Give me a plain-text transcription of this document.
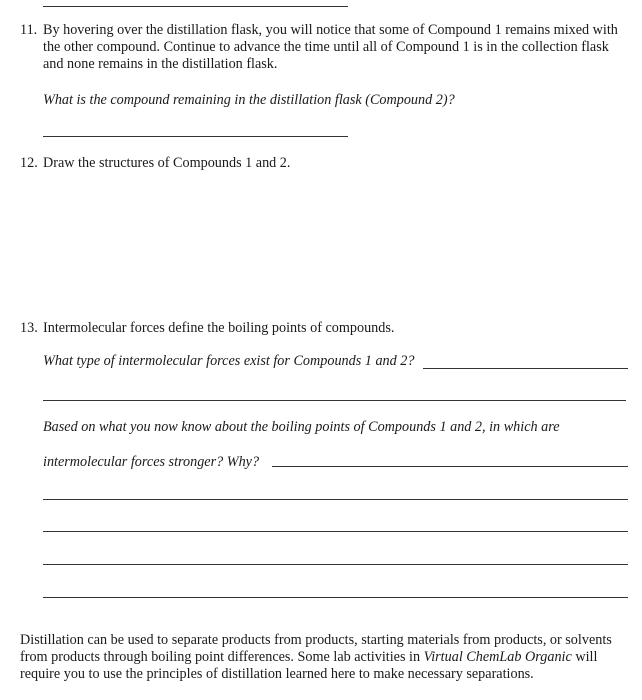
11. By hovering over the distillation flask, you will notice that some of Compound 1 remains mixed with
the other compound. Continue to advance the time until all of Compound 1 is in the collection flask
and none remains in the distillation flask.
What is the compound remaining in the distillation flask (Compound 2)?
12. Draw the structures of Compounds 1 and 2.
13. Intermolecular forces define the boiling points of compounds.
What type of intermolecular forces exist for Compounds 1 and 2?
Based on what you now know about the boiling points of Compounds 1 and 2, in which are
intermolecular forces stronger? Why?
Distillation can be used to separate products from products, starting materials from products, or solvents
from products through boiling point differences. Some lab activities in Virtual ChemLab Organic will
require you to use the principles of distillation learned here to make necessary separations.
